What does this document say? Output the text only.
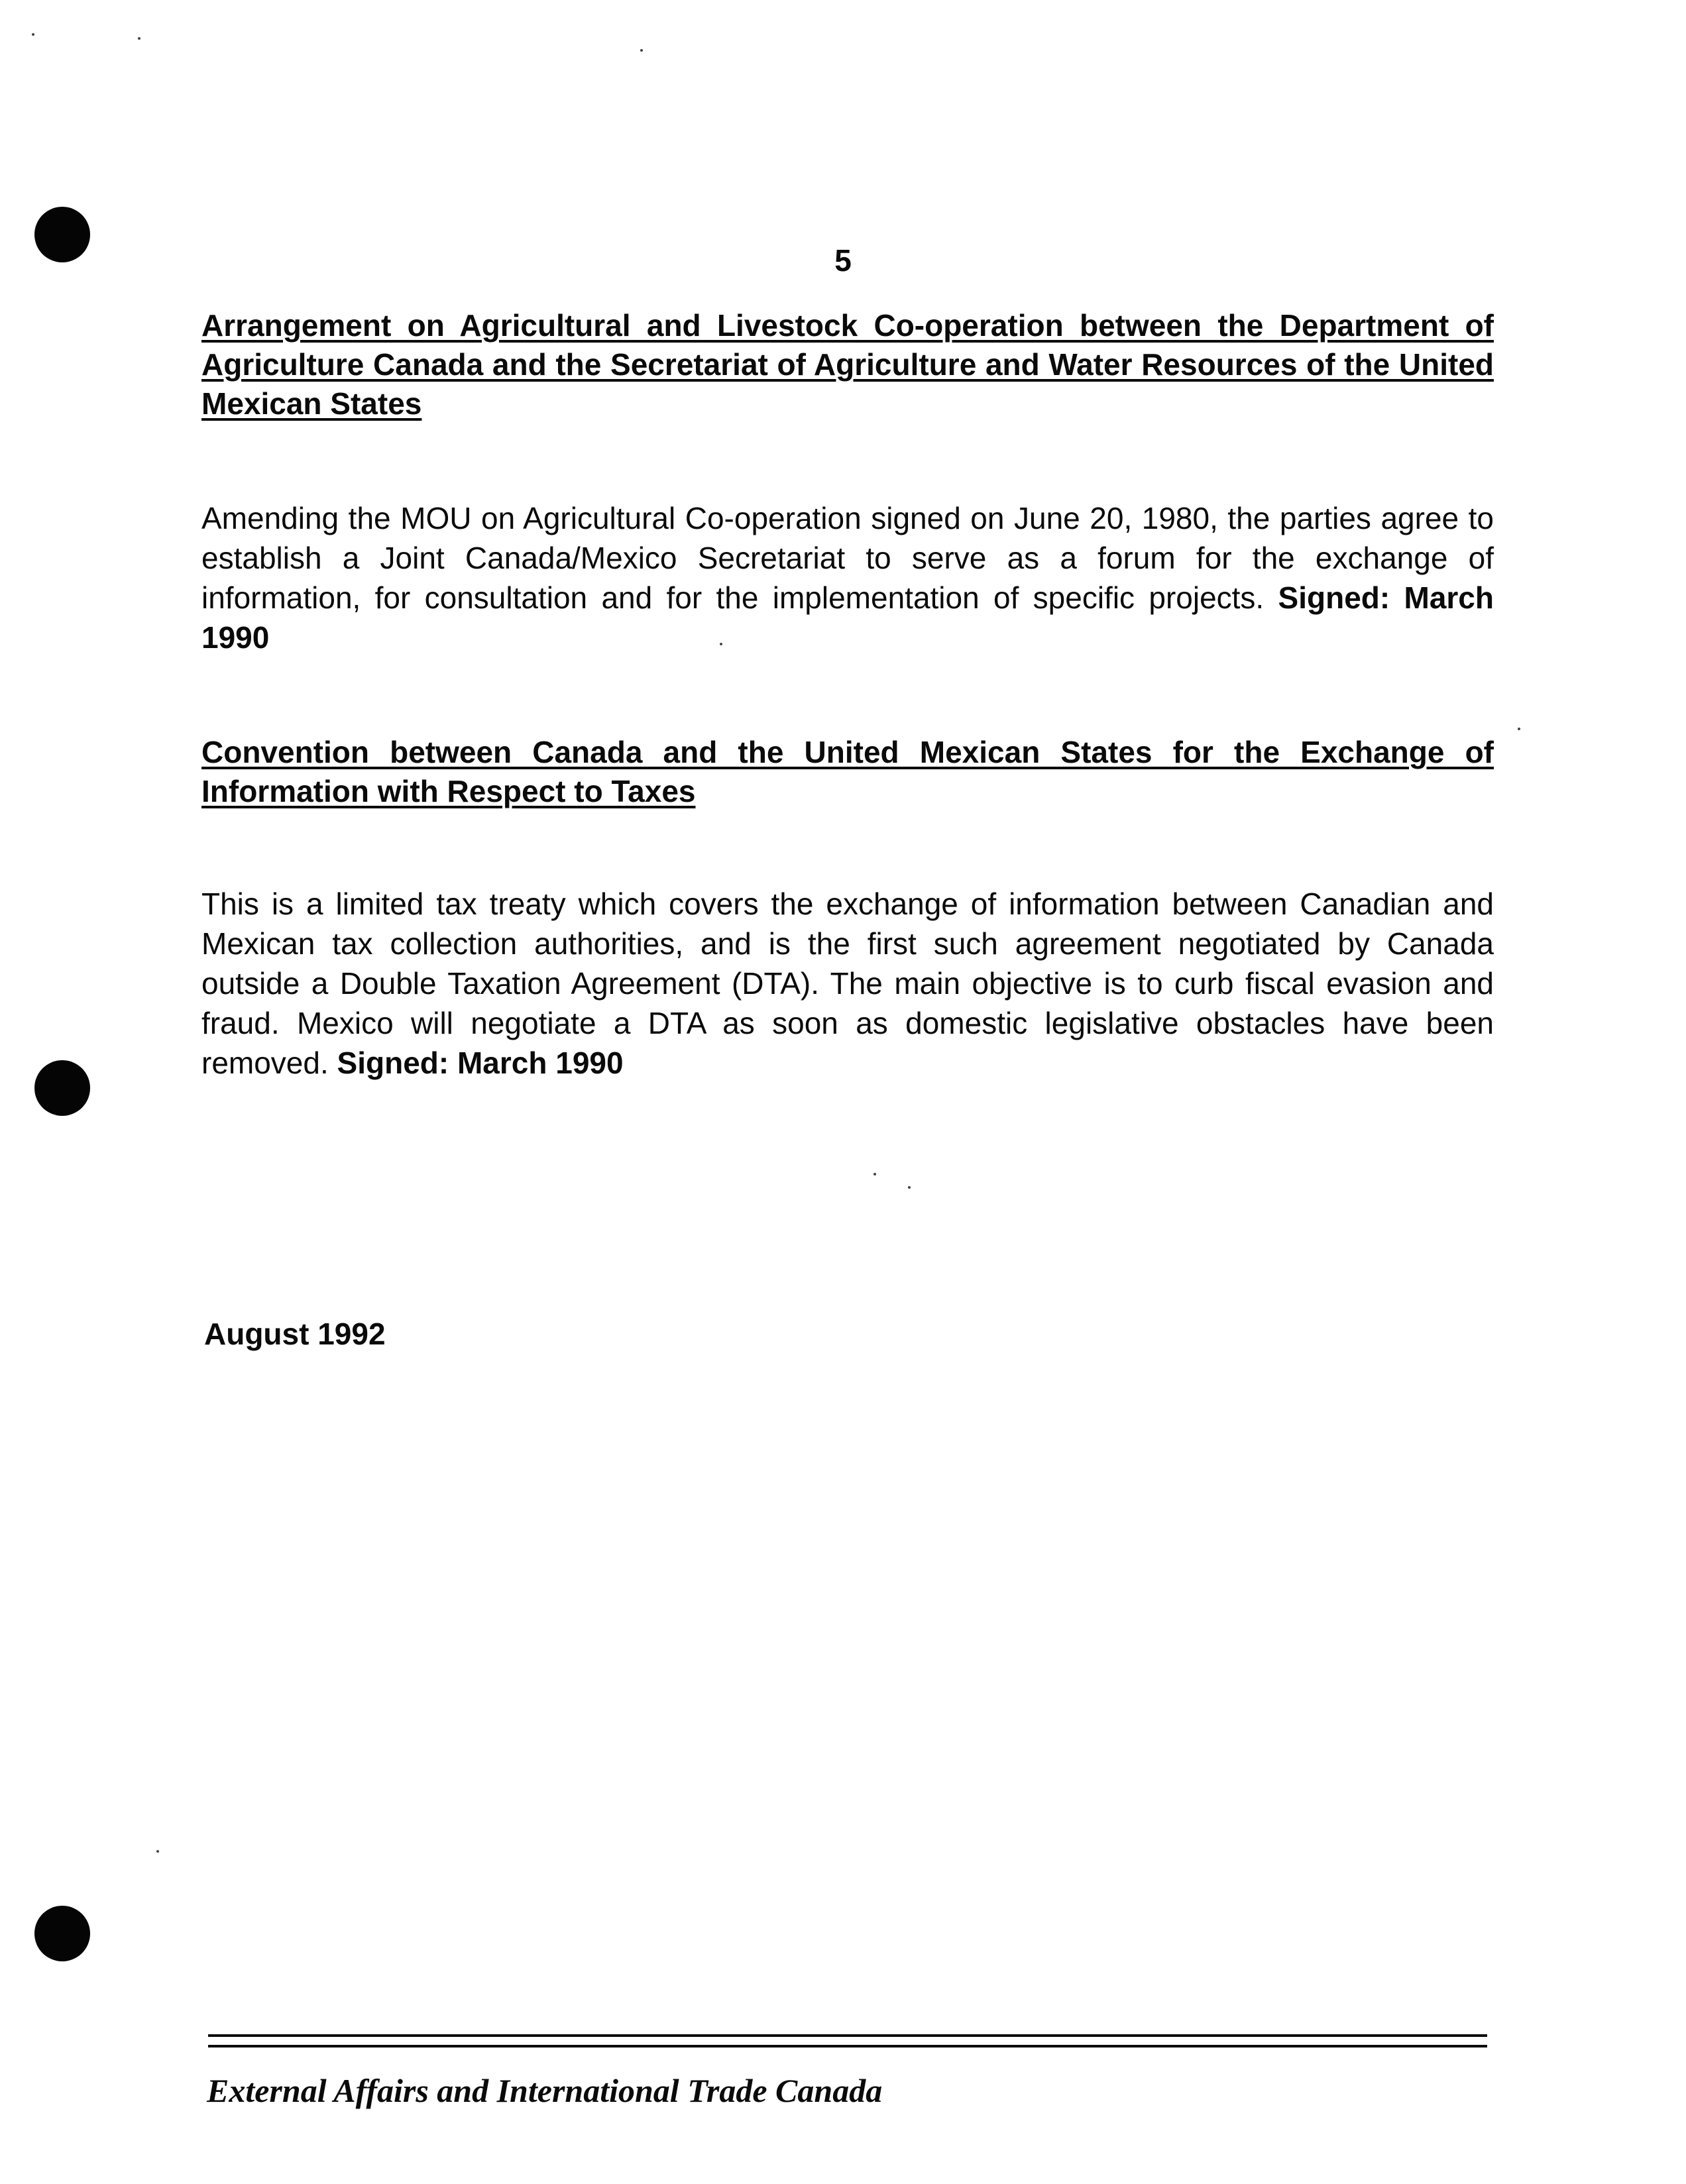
5
Arrangement on Agricultural and Livestock Co-operation between the Department of Agriculture Canada and the Secretariat of Agriculture and Water Resources of the United Mexican States
Amending the MOU on Agricultural Co-operation signed on June 20, 1980, the parties agree to establish a Joint Canada/Mexico Secretariat to serve as a forum for the exchange of information, for consultation and for the implementation of specific projects. Signed: March 1990
Convention between Canada and the United Mexican States for the Exchange of Information with Respect to Taxes
This is a limited tax treaty which covers the exchange of information between Canadian and Mexican tax collection authorities, and is the first such agreement negotiated by Canada outside a Double Taxation Agreement (DTA). The main objective is to curb fiscal evasion and fraud. Mexico will negotiate a DTA as soon as domestic legislative obstacles have been removed. Signed: March 1990
August 1992
External Affairs and International Trade Canada
